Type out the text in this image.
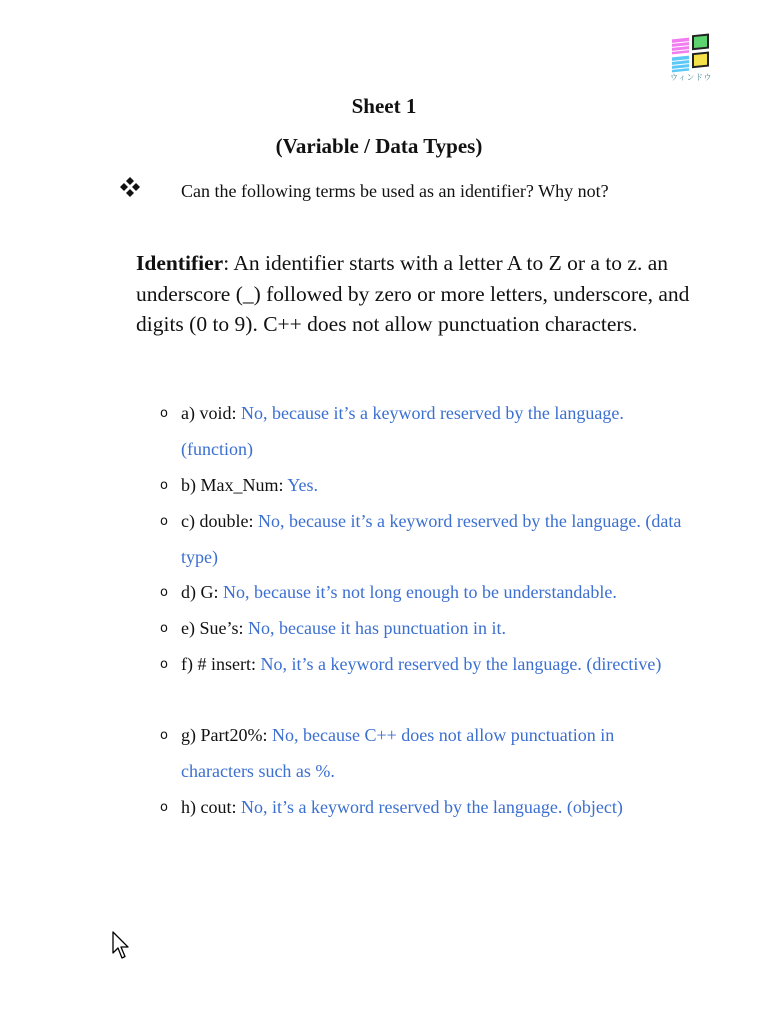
ウィンドウ
Sheet 1
(Variable / Data Types)
Can the following terms be used as an identifier? Why not?
Identifier: An identifier starts with a letter A to Z or a to z. an underscore (_) followed by zero or more letters, underscore, and digits (0 to 9). C++ does not allow punctuation characters.
o a) void: No, because it’s a keyword reserved by the language. (function)
o b) Max_Num: Yes.
o c) double: No, because it’s a keyword reserved by the language. (data type)
o d) G: No, because it’s not long enough to be understandable.
o e) Sue’s: No, because it has punctuation in it.
o f) # insert: No, it’s a keyword reserved by the language. (directive)
o g) Part20%: No, because C++ does not allow punctuation in characters such as %.
o h) cout: No, it’s a keyword reserved by the language. (object)
